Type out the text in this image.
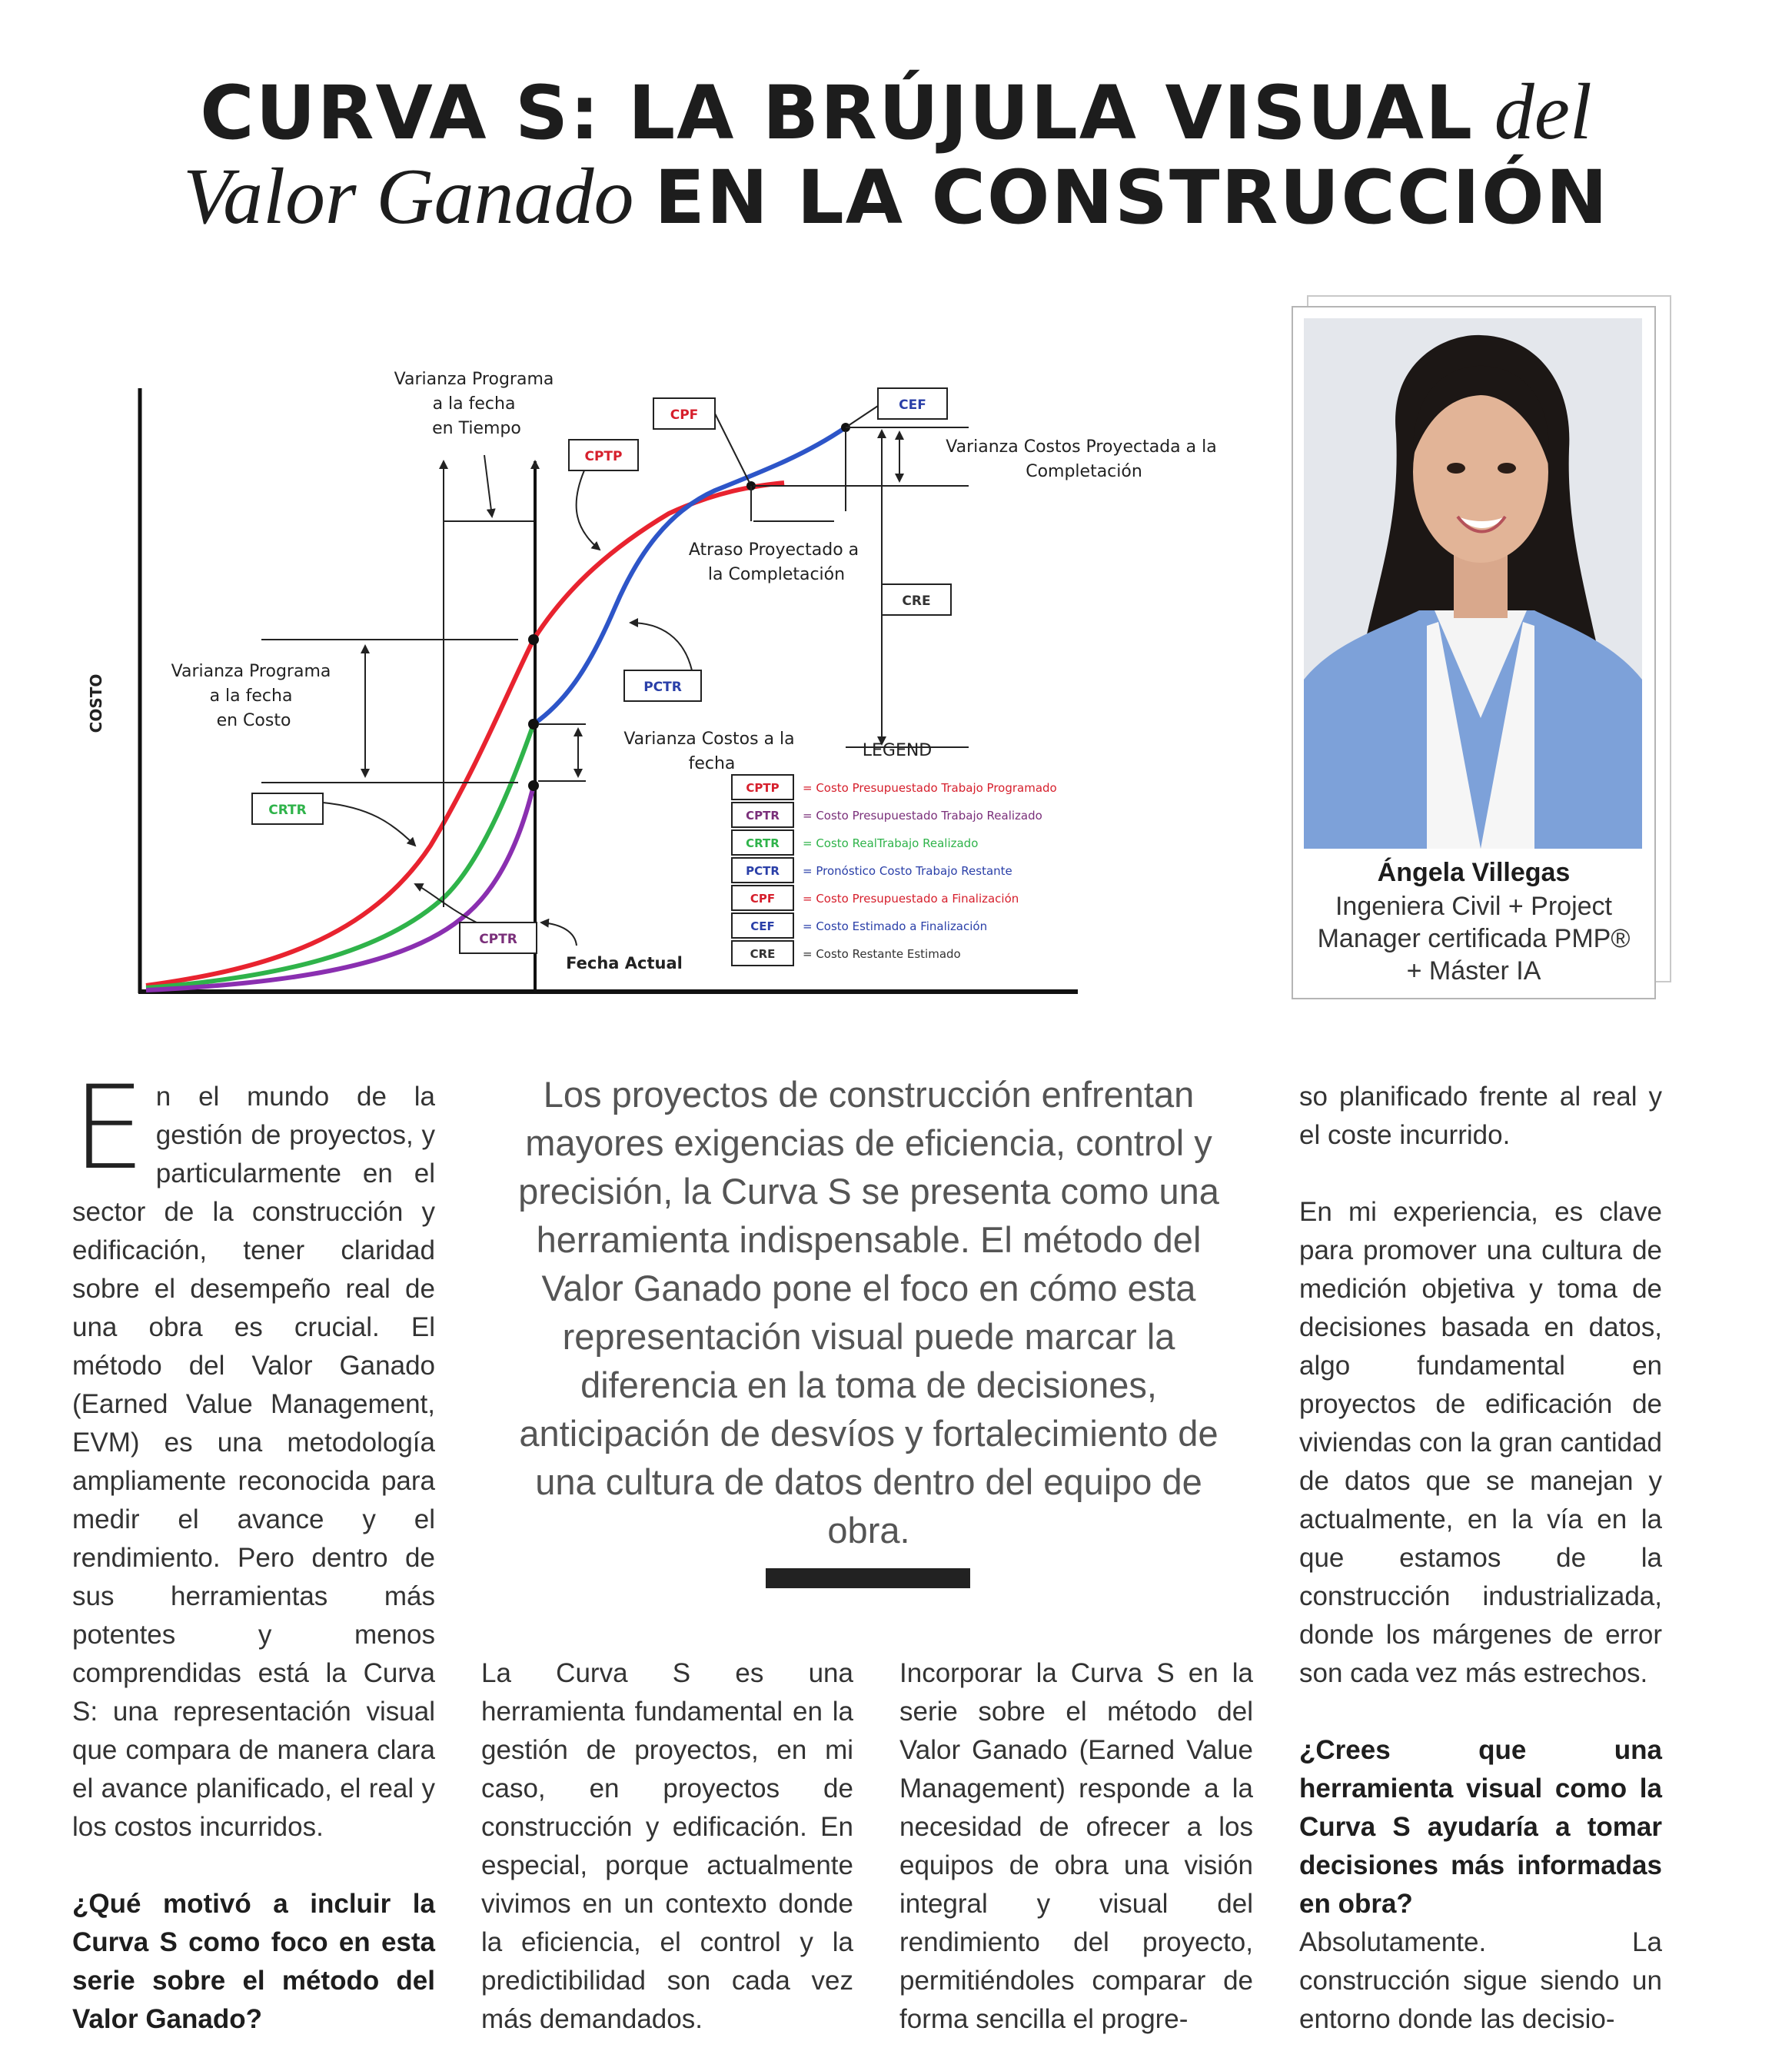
CURVA S: LA BRÚJULA VISUAL del
Valor Ganado EN LA CONSTRUCCIÓN
COSTO
Varianza Programa a la fecha en Tiempo
Varianza Programa a la fecha en Costo
Varianza Costos a la fecha
Varianza Costos Proyectada a la Completación
Atraso Proyectado a la Completación
CPF
CEF
CPTP
CRE
PCTR
CRTR
CPTR
Fecha Actual
LEGEND
CPTP = Costo Presupuestado Trabajo Programado
CPTR = Costo Presupuestado Trabajo Realizado
CRTR = Costo RealTrabajo Realizado
PCTR = Pronóstico Costo Trabajo Restante
CPF = Costo Presupuestado a Finalización
CEF = Costo Estimado a Finalización
CRE = Costo Restante Estimado
Ángela Villegas
Ingeniera Civil + Project
Manager certificada PMP®
+ Máster IA

En el mundo de la gestión de proyectos, y particularmente en el sector de la construcción y edificación, tener claridad sobre el desempeño real de una obra es crucial. El método del Valor Ganado (Earned Value Management, EVM) es una metodología ampliamente reconocida para medir el avance y el rendimiento. Pero dentro de sus herramientas más potentes y menos comprendidas está la Curva S: una representación visual que compara de manera clara el avance planificado, el real y los costos incurridos.

¿Qué motivó a incluir la Curva S como foco en esta serie sobre el método del Valor Ganado?

Los proyectos de construcción enfrentan mayores exigencias de eficiencia, control y precisión, la Curva S se presenta como una herramienta indispensable. El método del Valor Ganado pone el foco en cómo esta representación visual puede marcar la diferencia en la toma de decisiones, anticipación de desvíos y fortalecimiento de una cultura de datos dentro del equipo de obra.

La Curva S es una herramienta fundamental en la gestión de proyectos, en mi caso, en proyectos de construcción y edificación. En especial, porque actualmente vivimos en un contexto donde la eficiencia, el control y la predictibilidad son cada vez más demandados.

Incorporar la Curva S en la serie sobre el método del Valor Ganado (Earned Value Management) responde a la necesidad de ofrecer a los equipos de obra una visión integral y visual del rendimiento del proyecto, permitiéndoles comparar de forma sencilla el progre-

so planificado frente al real y el coste incurrido.

En mi experiencia, es clave para promover una cultura de medición objetiva y toma de decisiones basada en datos, algo fundamental en proyectos de edificación de viviendas con la gran cantidad de datos que se manejan y actualmente, en la vía en la que estamos de la construcción industrializada, donde los márgenes de error son cada vez más estrechos.

¿Crees que una herramienta visual como la Curva S ayudaría a tomar decisiones más informadas en obra?

Absolutamente. La construcción sigue siendo un entorno donde las decisio-
